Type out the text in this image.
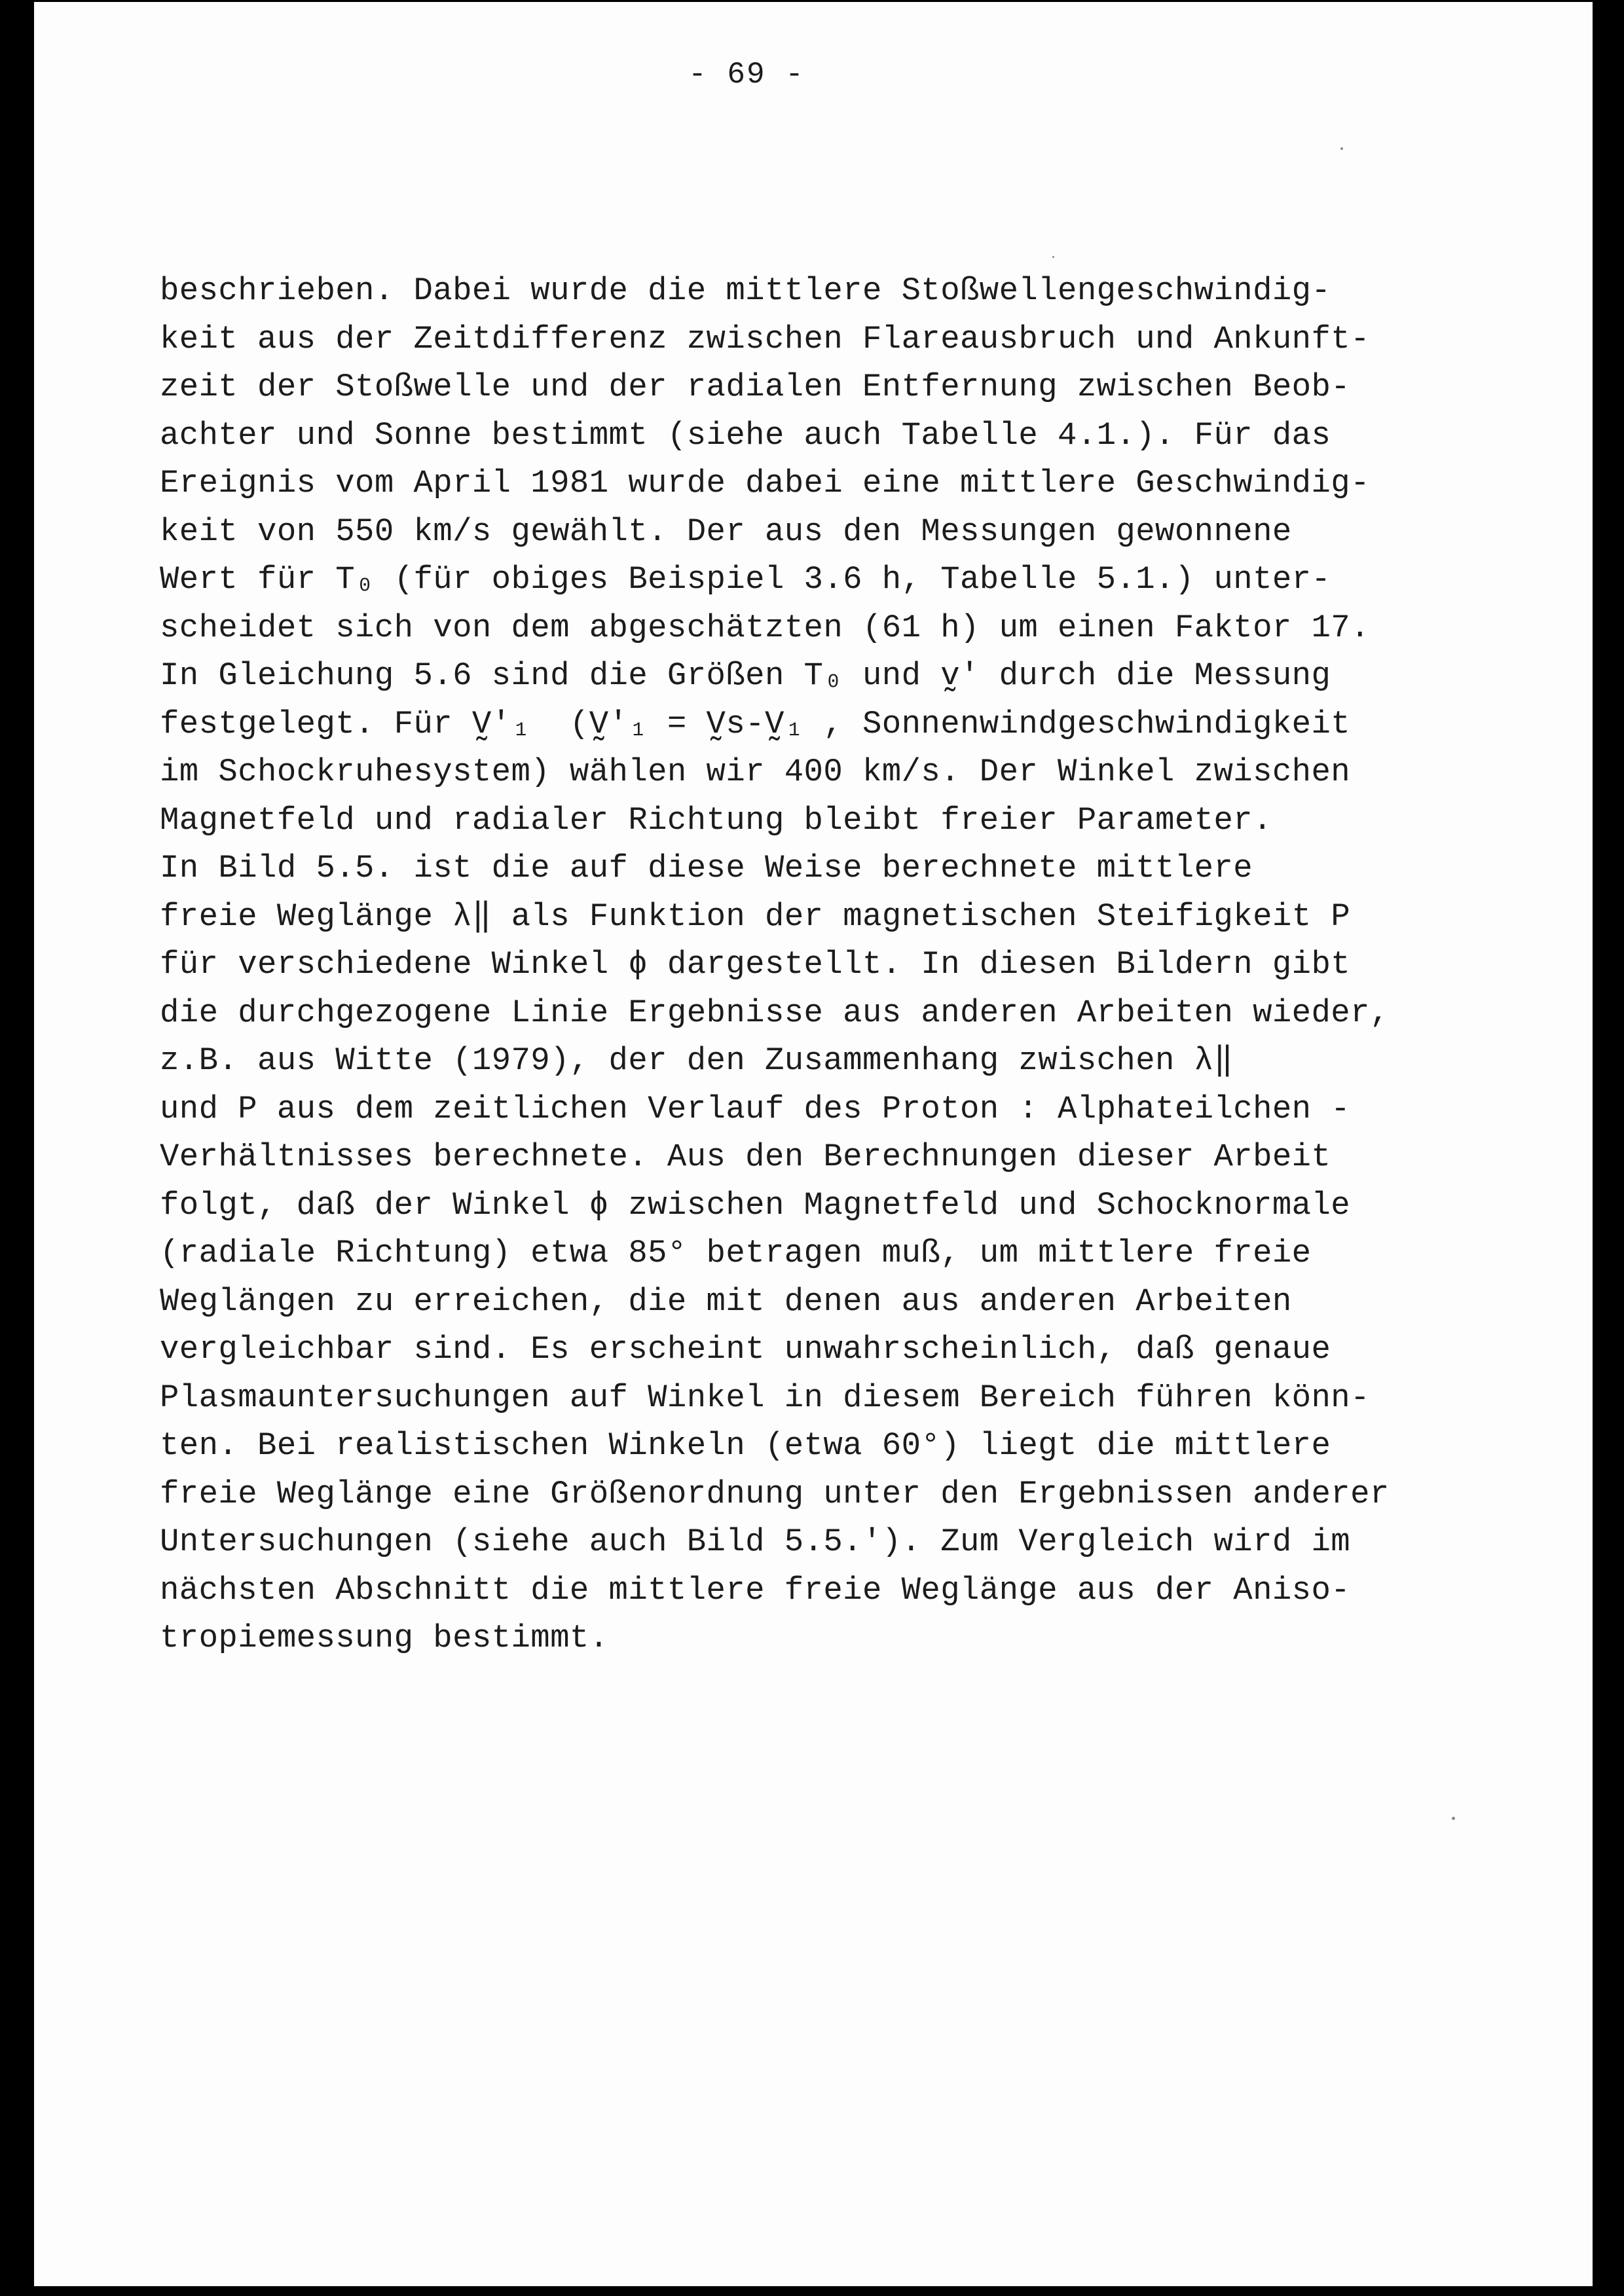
- 69 -
beschrieben. Dabei wurde die mittlere Stoßwellengeschwindig-
keit aus der Zeitdifferenz zwischen Flareausbruch und Ankunft-
zeit der Stoßwelle und der radialen Entfernung zwischen Beob-
achter und Sonne bestimmt (siehe auch Tabelle 4.1.). Für das
Ereignis vom April 1981 wurde dabei eine mittlere Geschwindig-
keit von 550 km/s gewählt. Der aus den Messungen gewonnene
Wert für T₀ (für obiges Beispiel 3.6 h, Tabelle 5.1.) unter-
scheidet sich von dem abgeschätzten (61 h) um einen Faktor 17.
In Gleichung 5.6 sind die Größen T₀ und v̰' durch die Messung
festgelegt. Für V̰'₁  (V̰'₁ = V̰s-V̰₁ , Sonnenwindgeschwindigkeit
im Schockruhesystem) wählen wir 400 km/s. Der Winkel zwischen
Magnetfeld und radialer Richtung bleibt freier Parameter.
In Bild 5.5. ist die auf diese Weise berechnete mittlere
freie Weglänge λ‖ als Funktion der magnetischen Steifigkeit P
für verschiedene Winkel ϕ dargestellt. In diesen Bildern gibt
die durchgezogene Linie Ergebnisse aus anderen Arbeiten wieder,
z.B. aus Witte (1979), der den Zusammenhang zwischen λ‖
und P aus dem zeitlichen Verlauf des Proton : Alphateilchen -
Verhältnisses berechnete. Aus den Berechnungen dieser Arbeit
folgt, daß der Winkel ϕ zwischen Magnetfeld und Schocknormale
(radiale Richtung) etwa 85° betragen muß, um mittlere freie
Weglängen zu erreichen, die mit denen aus anderen Arbeiten
vergleichbar sind. Es erscheint unwahrscheinlich, daß genaue
Plasmauntersuchungen auf Winkel in diesem Bereich führen könn-
ten. Bei realistischen Winkeln (etwa 60°) liegt die mittlere
freie Weglänge eine Größenordnung unter den Ergebnissen anderer
Untersuchungen (siehe auch Bild 5.5.'). Zum Vergleich wird im
nächsten Abschnitt die mittlere freie Weglänge aus der Aniso-
tropiemessung bestimmt.
